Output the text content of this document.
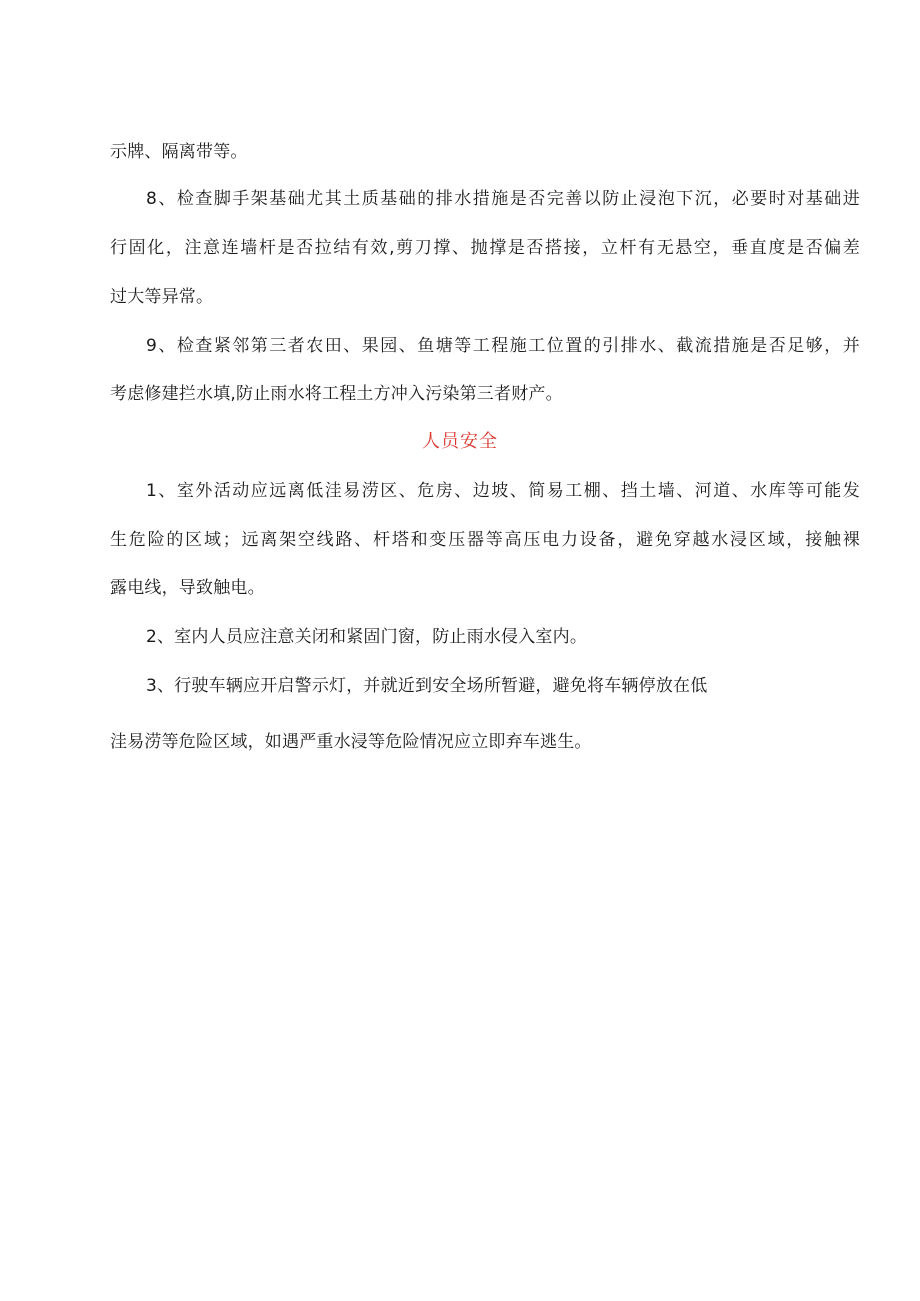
示牌、隔离带等。
8、检查脚手架基础尤其土质基础的排水措施是否完善以防止浸泡下沉，必要时对基础进
行固化，注意连墙杆是否拉结有效,剪刀撑、抛撑是否搭接，立杆有无悬空，垂直度是否偏差
过大等异常。
9、检查紧邻第三者农田、果园、鱼塘等工程施工位置的引排水、截流措施是否足够，并
考虑修建拦水填,防止雨水将工程土方冲入污染第三者财产。
人员安全
1、室外活动应远离低洼易涝区、危房、边坡、简易工棚、挡土墙、河道、水库等可能发
生危险的区域；远离架空线路、杆塔和变压器等高压电力设备，避免穿越水浸区域，接触裸
露电线，导致触电。
2、室内人员应注意关闭和紧固门窗，防止雨水侵入室内。
3、行驶车辆应开启警示灯，并就近到安全场所暂避，避免将车辆停放在低
洼易涝等危险区域，如遇严重水浸等危险情况应立即弃车逃生。
